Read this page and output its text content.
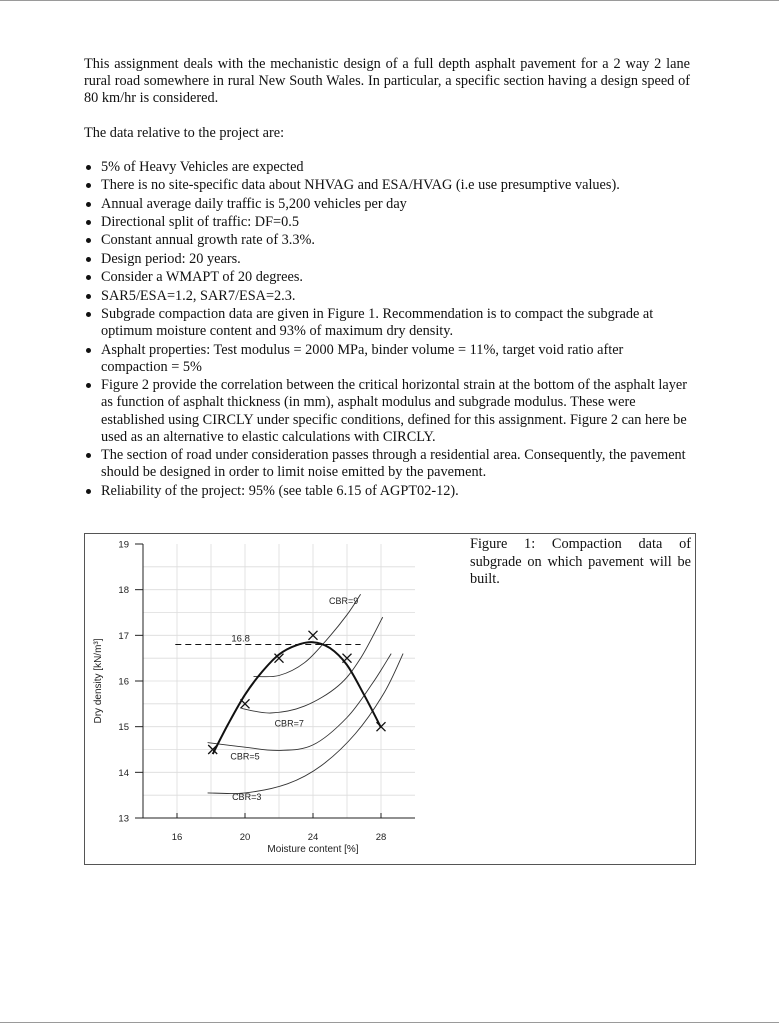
This assignment deals with the mechanistic design of a full depth asphalt pavement for a 2 way 2 lane rural road somewhere in rural New South Wales. In particular, a specific section having a design speed of 80 km/hr is considered.

The data relative to the project are:

5% of Heavy Vehicles are expected
There is no site-specific data about NHVAG and ESA/HVAG (i.e use presumptive values).
Annual average daily traffic is 5,200 vehicles per day
Directional split of traffic: DF=0.5
Constant annual growth rate of 3.3%.
Design period: 20 years.
Consider a WMAPT of 20 degrees.
SAR5/ESA=1.2, SAR7/ESA=2.3.
Subgrade compaction data are given in Figure 1. Recommendation is to compact the subgrade at optimum moisture content and 93% of maximum dry density.
Asphalt properties: Test modulus = 2000 MPa, binder volume = 11%, target void ratio after compaction = 5%
Figure 2 provide the correlation between the critical horizontal strain at the bottom of the asphalt layer as function of asphalt thickness (in mm), asphalt modulus and subgrade modulus. These were established using CIRCLY under specific conditions, defined for this assignment. Figure 2 can here be used as an alternative to elastic calculations with CIRCLY.
The section of road under consideration passes through a residential area. Consequently, the pavement should be designed in order to limit noise emitted by the pavement.
Reliability of the project: 95% (see table 6.15 of AGPT02-12).
13
14
15
16
17
18
19
16	20	24	28
Moisture content [%]
Dry density [kN/m³]	16.8
CBR=9
CBR=7
CBR=5
CBR=3
Figure 1: Compaction data of subgrade on which pavement will be built.
